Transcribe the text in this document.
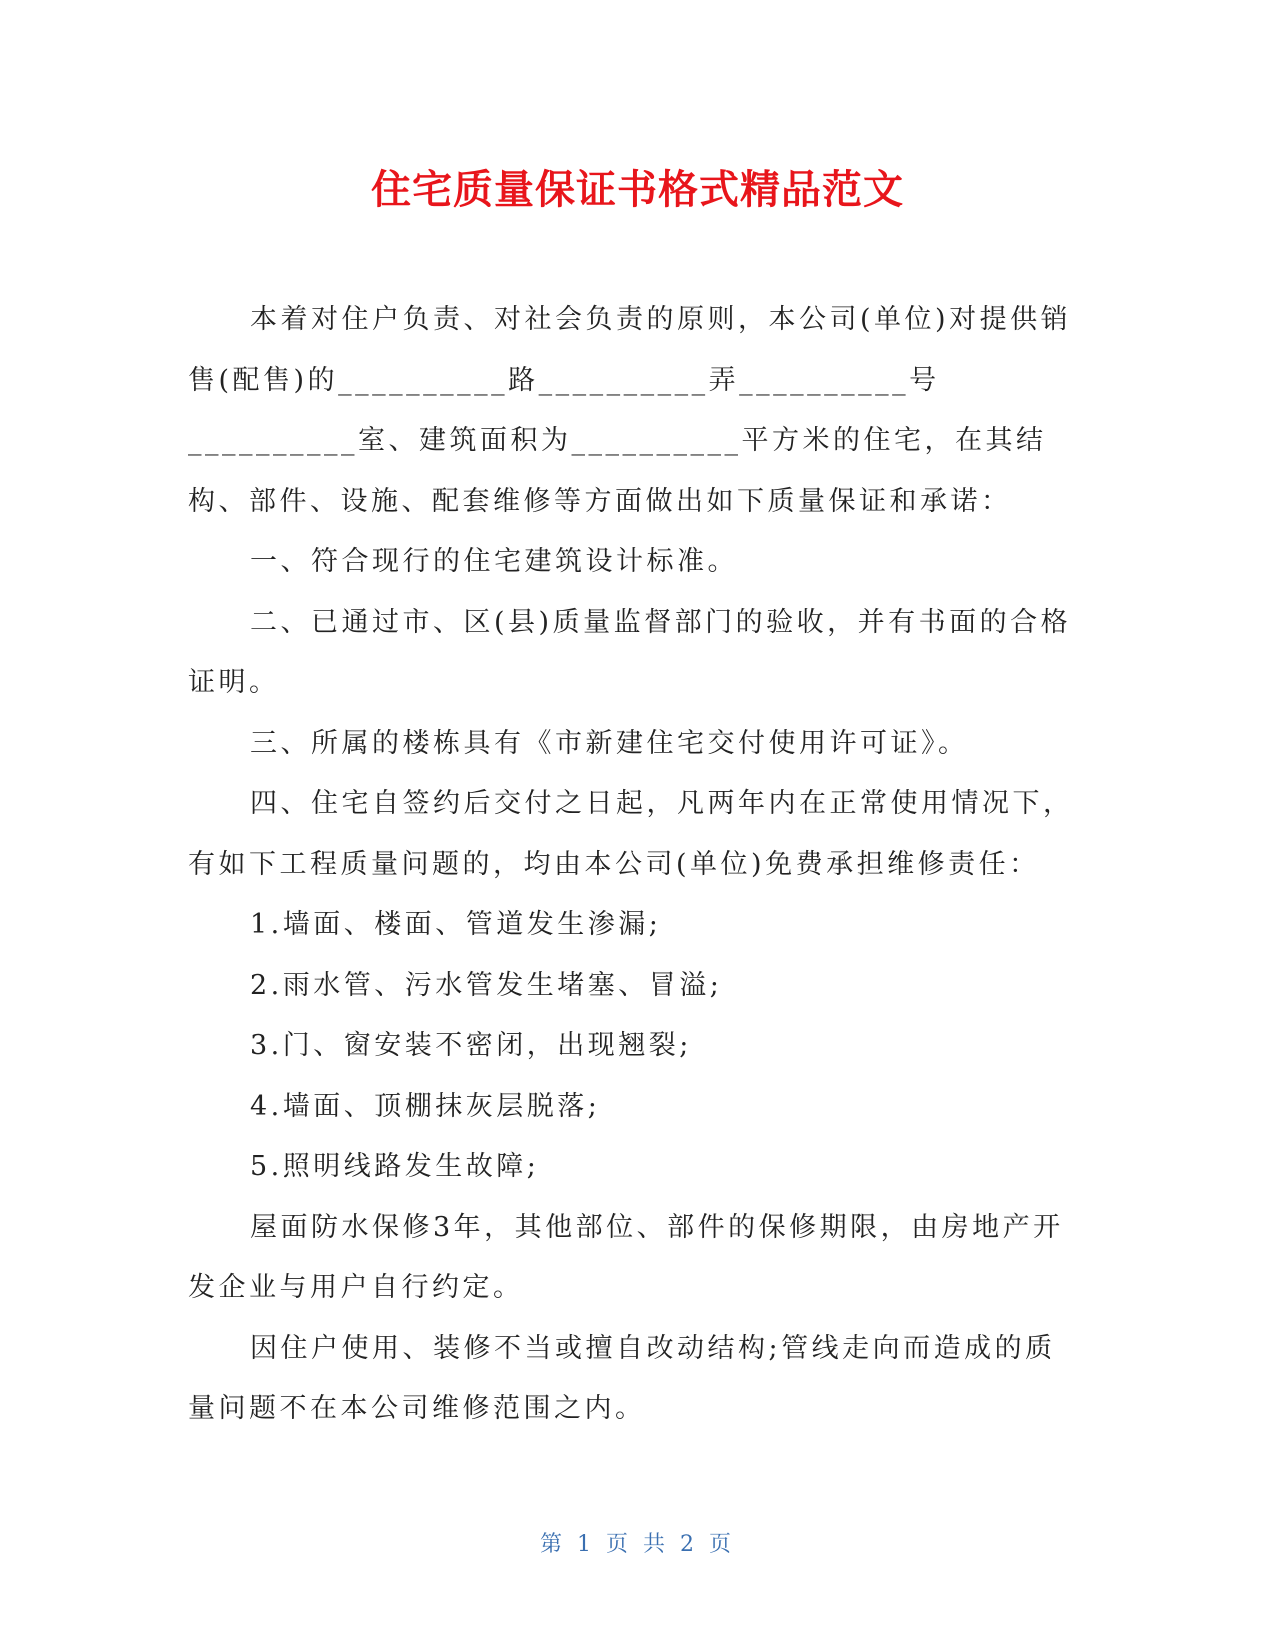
住宅质量保证书格式精品范文

本着对住户负责、对社会负责的原则，本公司(单位)对提供销售(配售)的__________路__________弄__________号__________室、建筑面积为__________平方米的住宅，在其结构、部件、设施、配套维修等方面做出如下质量保证和承诺：

一、符合现行的住宅建筑设计标准。

二、已通过市、区(县)质量监督部门的验收，并有书面的合格证明。

三、所属的楼栋具有《市新建住宅交付使用许可证》。

四、住宅自签约后交付之日起，凡两年内在正常使用情况下，有如下工程质量问题的，均由本公司(单位)免费承担维修责任：

1.墙面、楼面、管道发生渗漏;

2.雨水管、污水管发生堵塞、冒溢;

3.门、窗安装不密闭，出现翘裂;

4.墙面、顶棚抹灰层脱落;

5.照明线路发生故障;

屋面防水保修3年，其他部位、部件的保修期限，由房地产开发企业与用户自行约定。

因住户使用、装修不当或擅自改动结构;管线走向而造成的质量问题不在本公司维修范围之内。

第 1 页 共 2 页
